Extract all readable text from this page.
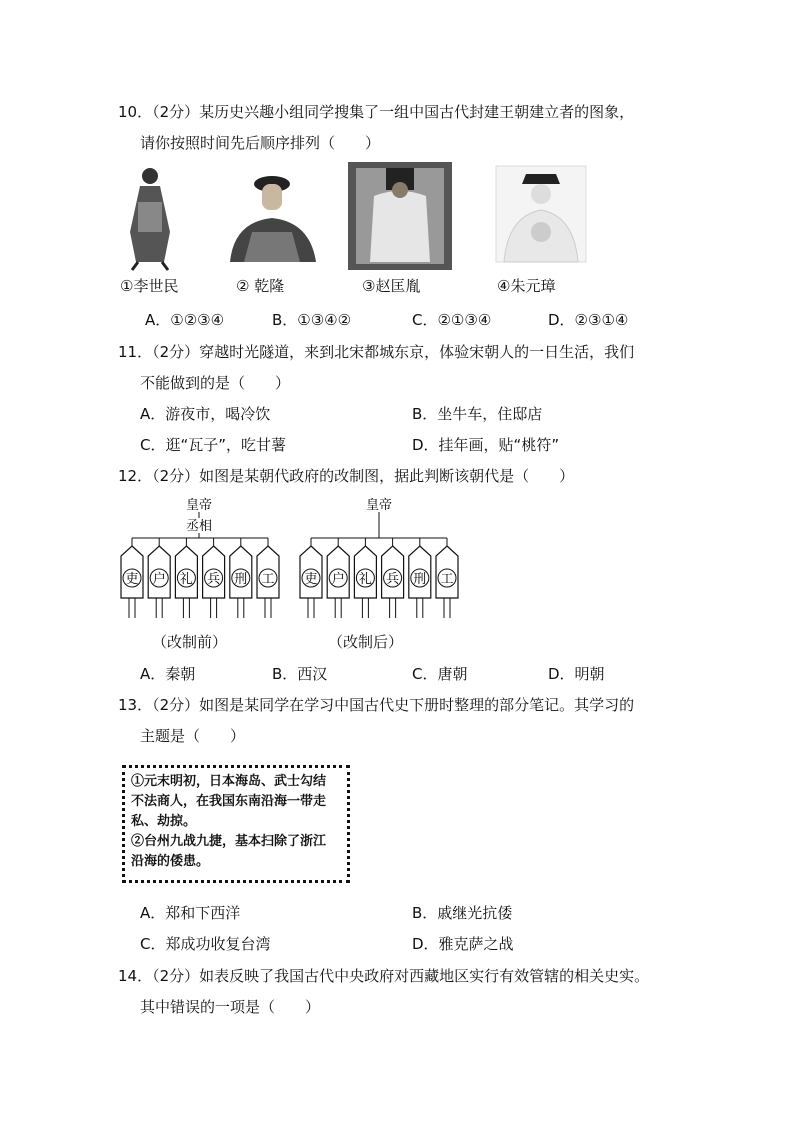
10．（2分）某历史兴趣小组同学搜集了一组中国古代封建王朝建立者的图象，
请你按照时间先后顺序排列（　　）
①李世民	② 乾隆	③赵匡胤	④朱元璋
A．①②③④	B．①③④②	C．②①③④	D．②③①④
11．（2分）穿越时光隧道，来到北宋都城东京，体验宋朝人的一日生活，我们
不能做到的是（　　）
A．游夜市，喝冷饮	B．坐牛车，住邸店
C．逛“瓦子”，吃甘薯	D．挂年画，贴“桃符”
12．（2分）如图是某朝代政府的改制图，据此判断该朝代是（　　）
皇帝
丞相
吏 户 礼 兵 刑 工
皇帝
吏 户 礼 兵 刑 工
（改制前）	（改制后）
A．秦朝	B．西汉	C．唐朝	D．明朝
13．（2分）如图是某同学在学习中国古代史下册时整理的部分笔记。其学习的
主题是（　　）
①元末明初，日本海岛、武士勾结
不法商人，在我国东南沿海一带走
私、劫掠。
②台州九战九捷，基本扫除了浙江
沿海的倭患。
A．郑和下西洋	B．戚继光抗倭
C．郑成功收复台湾	D．雅克萨之战
14．（2分）如表反映了我国古代中央政府对西藏地区实行有效管辖的相关史实。
其中错误的一项是（　　）
